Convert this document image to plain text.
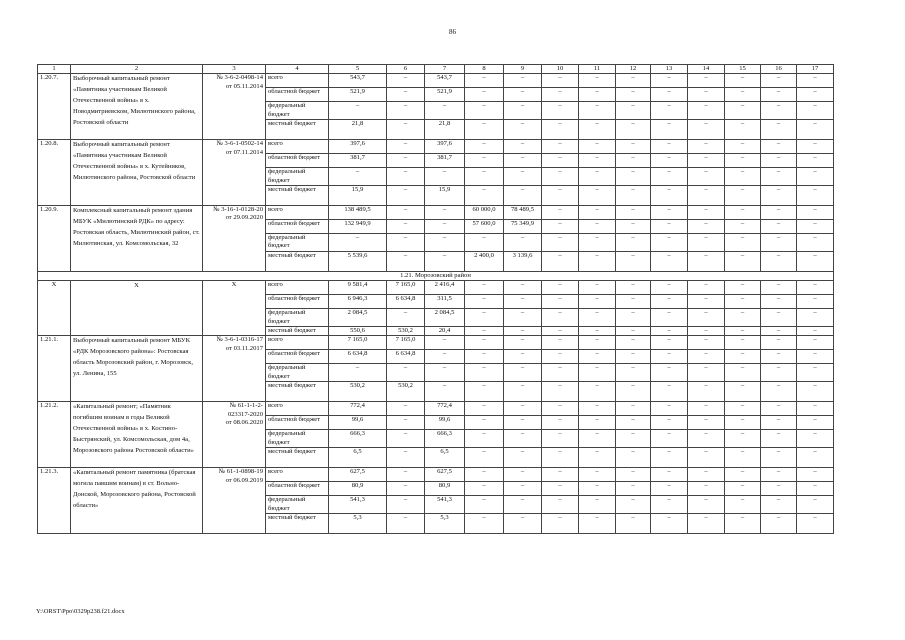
86
1	2	3	4	5	6	7	8	9	10	11	12	13	14	15	16	17
1.20.7.	Выборочный капитальный ремонт «Памятника участникам Великой Отечественной войны» в х. Новодмитриевском, Милютинского района, Ростовской области	№ 3-6-2-0498-14
от 05.11.2014	всего	543,7	–	543,7	–	–	–	–	–	–	–	–	–	–
			областной бюджет	521,9	–	521,9	–	–	–	–	–	–	–	–	–	–
			федеральный бюджет	–	–	–	–	–	–	–	–	–	–	–	–	–
			местный бюджет	21,8	–	21,8	–	–	–	–	–	–	–	–	–	–
1.20.8.	Выборочный капитальный ремонт «Памятника участникам Великой Отечественной войны» в х. Кутейников, Милютинского района, Ростовской области	№ 3-6-1-0502-14
от 07.11.2014	всего	397,6	–	397,6	–	–	–	–	–	–	–	–	–	–
			областной бюджет	381,7	–	381,7	–	–	–	–	–	–	–	–	–	–
			федеральный бюджет	–	–	–	–	–	–	–	–	–	–	–	–	–
			местный бюджет	15,9	–	15,9	–	–	–	–	–	–	–	–	–	–
1.20.9.	Комплексный капитальный ремонт здания МБУК «Милютинский РДК» по адресу: Ростовская область, Милютинский район, ст. Милютинская, ул. Комсомольская, 32	№ 3-16-1-0128-20
от 29.09.2020	всего	138 489,5	–	–	60 000,0	78 489,5	–	–	–	–	–	–	–	–
			областной бюджет	132 949,9	–	–	57 600,0	75 349,9	–	–	–	–	–	–	–	–
			федеральный бюджет	–	–	–	–	–	–	–	–	–	–	–	–	–
			местный бюджет	5 539,6	–	–	2 400,0	3 139,6	–	–	–	–	–	–	–	–
1.21. Морозовский район																
X	X	X	всего	9 581,4	7 165,0	2 416,4	–	–	–	–	–	–	–	–	–	–
			областной бюджет	6 946,3	6 634,8	311,5	–	–	–	–	–	–	–	–	–	–
			федеральный бюджет	2 084,5	–	2 084,5	–	–	–	–	–	–	–	–	–	–
			местный бюджет	550,6	530,2	20,4	–	–	–	–	–	–	–	–	–	–
1.21.1.	Выборочный капитальный ремонт МБУК «РДК Морозовского района»: Ростовская область Морозовский район, г. Морозовск, ул. Ленина, 155	№ 3-6-1-0316-17
от 03.11.2017	всего	7 165,0	7 165,0	–	–	–	–	–	–	–	–	–	–	–
			областной бюджет	6 634,8	6 634,8	–	–	–	–	–	–	–	–	–	–	–
			федеральный бюджет	–	–	–	–	–	–	–	–	–	–	–	–	–
			местный бюджет	530,2	530,2	–	–	–	–	–	–	–	–	–	–	–
1.21.2.	«Капитальный ремонт; «Памятник погибшим воинам в годы Великой Отечественной войны» в х. Костино-Быстрянский, ул. Комсомольская, дом 4а, Морозовского района Ростовской области»	№ 61-1-1-2-
023317-2020
от 08.06.2020	всего	772,4	–	772,4	–	–	–	–	–	–	–	–	–	–
			областной бюджет	99,6	–	99,6	–	–	–	–	–	–	–	–	–	–
			федеральный бюджет	666,3	–	666,3	–	–	–	–	–	–	–	–	–	–
			местный бюджет	6,5	–	6,5	–	–	–	–	–	–	–	–	–	–
1.21.3.	«Капитальный ремонт памятника (братская могила павшим воинам) в ст. Вольно-Донской, Морозовского района, Ростовской области»	№ 61-1-0898-19
от 06.09.2019	всего	627,5	–	627,5	–	–	–	–	–	–	–	–	–	–
			областной бюджет	80,9	–	80,9	–	–	–	–	–	–	–	–	–	–
			федеральный бюджет	541,3	–	541,3	–	–	–	–	–	–	–	–	–	–
			местный бюджет	5,3	–	5,3	–	–	–	–	–	–	–	–	–	–
Y:\ORST\Ppo\0329p238.f21.docx
